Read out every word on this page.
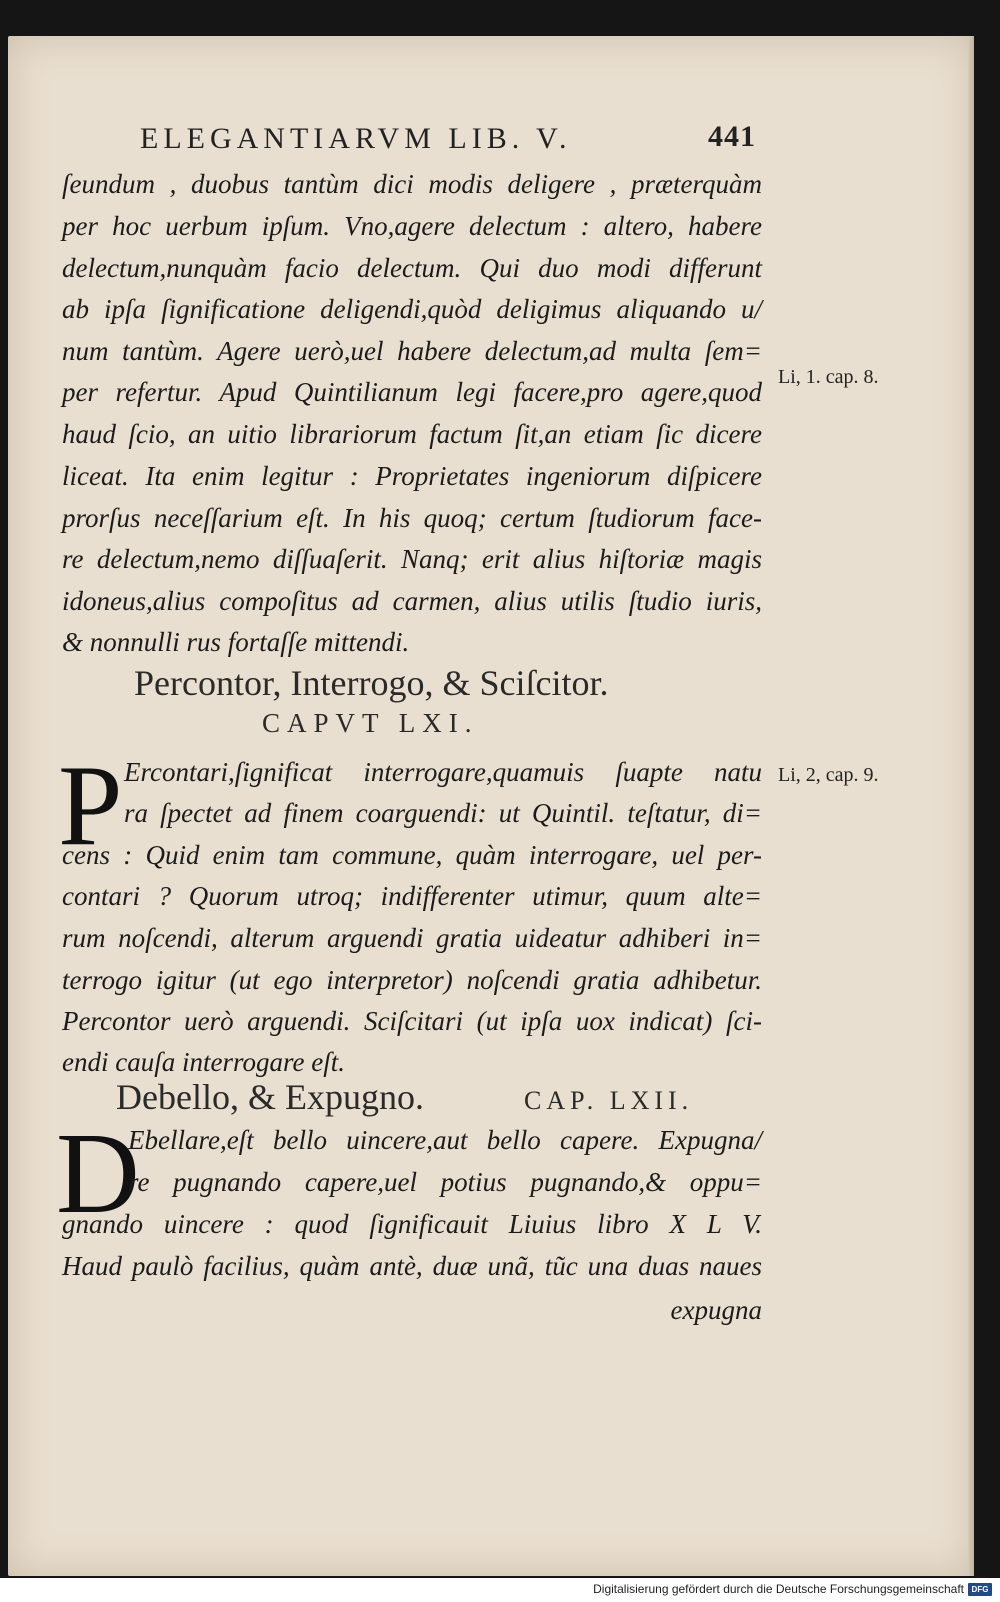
ELEGANTIARVM LIB. V.	441
ſeundum , duobus tantùm dici modis deligere , præterquàm
per hoc uerbum ipſum. Vno,agere delectum : altero, habere
delectum,nunquàm facio delectum. Qui duo modi differunt
ab ipſa ſignificatione deligendi,quòd deligimus aliquando u/
num tantùm. Agere uerò,uel habere delectum,ad multa ſem=
per refertur. Apud Quintilianum legi facere,pro agere,quod
haud ſcio, an uitio librariorum factum ſit,an etiam ſic dicere
liceat. Ita enim legitur : Proprietates ingeniorum diſpicere
prorſus neceſſarium eſt. In his quoq; certum ſtudiorum face-
re delectum,nemo diſſuaſerit. Nanq; erit alius hiſtoriæ magis
idoneus,alius compoſitus ad carmen, alius utilis ſtudio iuris,
& nonnulli rus fortaſſe mittendi.
Li, 1. cap. 8.
Percontor, Interrogo, & Sciſcitor.
CAPVT LXI.
P Ercontari,ſignificat interrogare,quamuis ſuapte natu
ra ſpectet ad finem coarguendi: ut Quintil. teſtatur, di=
cens : Quid enim tam commune, quàm interrogare, uel per-
contari ? Quorum utroq; indifferenter utimur, quum alte=
rum noſcendi, alterum arguendi gratia uideatur adhiberi in=
terrogo igitur (ut ego interpretor) noſcendi gratia adhibetur.
Percontor uerò arguendi. Sciſcitari (ut ipſa uox indicat) ſci-
endi cauſa interrogare eſt.
Li, 2, cap. 9.
Debello, & Expugno.	CAP. LXII.
D
Ebellare,eſt bello uincere,aut bello capere. Expugna/
re pugnando capere,uel potius pugnando,& oppu=
gnando uincere : quod ſignificauit Liuius libro X L V.
Haud paulò facilius, quàm antè, duæ unã, tũc una duas naues
expugna
Digitalisierung gefördert durch die Deutsche Forschungsgemeinschaft DFG
